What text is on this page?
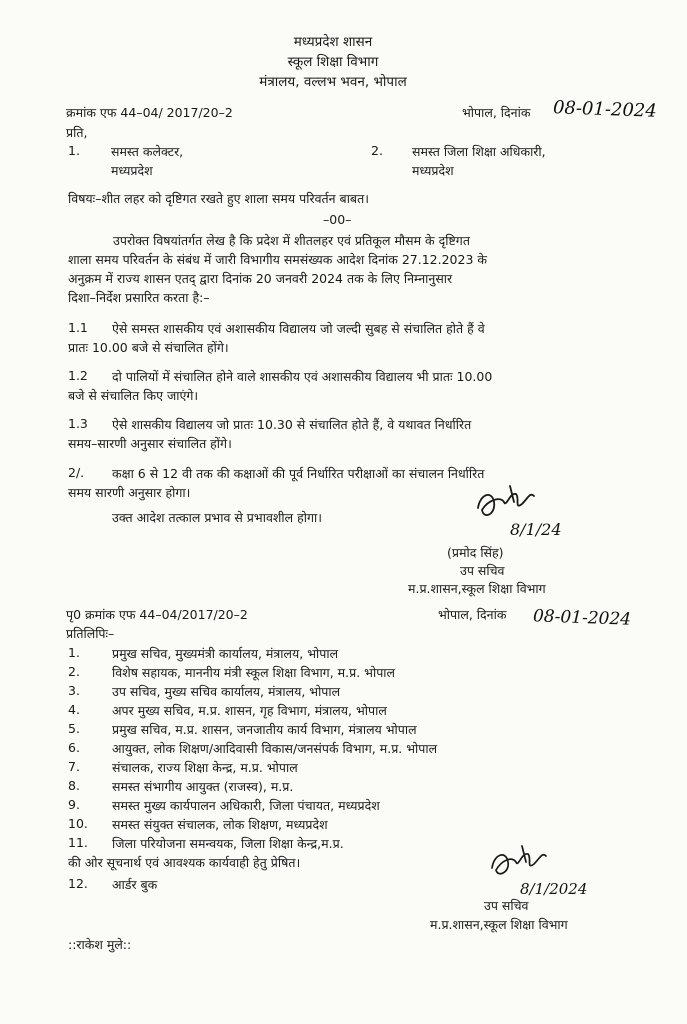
मध्यप्रदेश शासन
स्कूल शिक्षा विभाग
मंत्रालय, वल्लभ भवन, भोपाल
क्रमांक एफ 44–04/ 2017/20–2	भोपाल, दिनांक 08-01-2024
प्रति,
1. समस्त कलेक्टर,
मध्यप्रदेश
2. समस्त जिला शिक्षा अधिकारी,
मध्यप्रदेश
विषयः–शीत लहर को दृष्टिगत रखते हुए शाला समय परिवर्तन बाबत।
–00–
उपरोक्त विषयांतर्गत लेख है कि प्रदेश में शीतलहर एवं प्रतिकूल मौसम के दृष्टिगत
शाला समय परिवर्तन के संबंध में जारी विभागीय समसंख्यक आदेश दिनांक 27.12.2023 के
अनुक्रम में राज्य शासन एतद् द्वारा दिनांक 20 जनवरी 2024 तक के लिए निम्नानुसार
दिशा–निर्देश प्रसारित करता है:–
1.1 ऐसे समस्त शासकीय एवं अशासकीय विद्यालय जो जल्दी सुबह से संचालित होते हैं वे
प्रातः 10.00 बजे से संचालित होंगे।
1.2 दो पालियों में संचालित होने वाले शासकीय एवं अशासकीय विद्यालय भी प्रातः 10.00
बजे से संचालित किए जाएंगे।
1.3 ऐसे शासकीय विद्यालय जो प्रातः 10.30 से संचालित होते हैं, वे यथावत निर्धारित
समय–सारणी अनुसार संचालित होंगे।
2/. कक्षा 6 से 12 वी तक की कक्षाओं की पूर्व निर्धारित परीक्षाओं का संचालन निर्धारित
समय सारणी अनुसार होगा।
उक्त आदेश तत्काल प्रभाव से प्रभावशील होगा।
8/1/24
(प्रमोद सिंह)
उप सचिव
म.प्र.शासन,स्कूल शिक्षा विभाग
पृ0 क्रमांक एफ 44–04/2017/20–2	भोपाल, दिनांक 08-01-2024
प्रतिलिपिः–
1.	प्रमुख सचिव, मुख्यमंत्री कार्यालय, मंत्रालय, भोपाल
2.	विशेष सहायक, माननीय मंत्री स्कूल शिक्षा विभाग, म.प्र. भोपाल
3.	उप सचिव, मुख्य सचिव कार्यालय, मंत्रालय, भोपाल
4.	अपर मुख्य सचिव, म.प्र. शासन, गृह विभाग, मंत्रालय, भोपाल
5.	प्रमुख सचिव, म.प्र. शासन, जनजातीय कार्य विभाग, मंत्रालय भोपाल
6.	आयुक्त, लोक शिक्षण/आदिवासी विकास/जनसंपर्क विभाग, म.प्र. भोपाल
7.	संचालक, राज्य शिक्षा केन्द्र, म.प्र. भोपाल
8.	समस्त संभागीय आयुक्त (राजस्व), म.प्र.
9.	समस्त मुख्य कार्यपालन अधिकारी, जिला पंचायत, मध्यप्रदेश
10. समस्त संयुक्त संचालक, लोक शिक्षण, मध्यप्रदेश
11. जिला परियोजना समन्वयक, जिला शिक्षा केन्द्र,म.प्र.
की ओर सूचनार्थ एवं आवश्यक कार्यवाही हेतु प्रेषित।
12. आर्डर बुक	8/1/2024
उप सचिव
म.प्र.शासन,स्कूल शिक्षा विभाग
::राकेश मुले::
